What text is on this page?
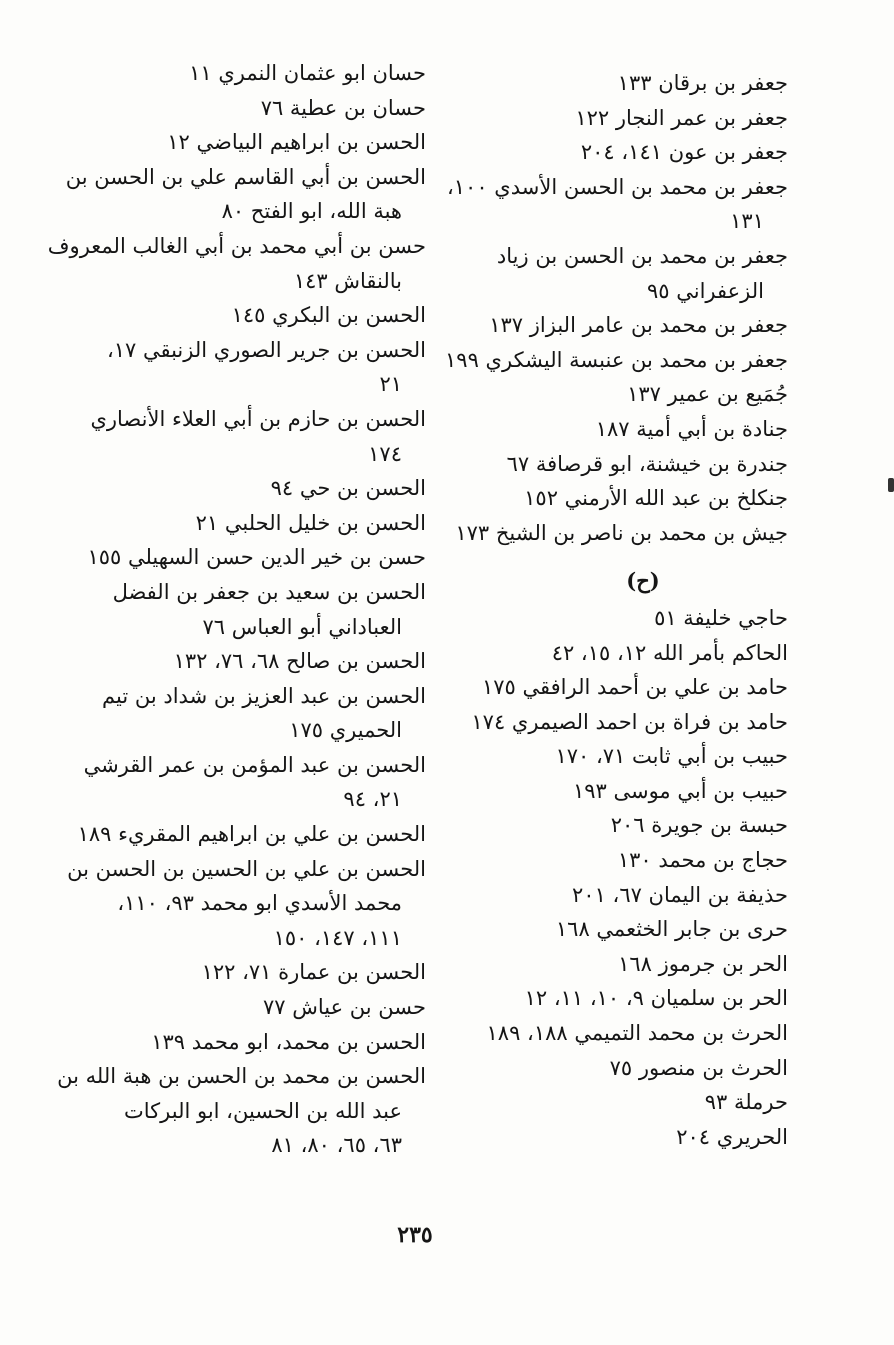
جعفر بن برقان ١٣٣
جعفر بن عمر النجار ١٢٢
جعفر بن عون ١٤١، ٢٠٤
جعفر بن محمد بن الحسن الأسدي ١٠٠،
١٣١
جعفر بن محمد بن الحسن بن زياد
الزعفراني ٩٥
جعفر بن محمد بن عامر البزاز ١٣٧
جعفر بن محمد بن عنبسة اليشكري ١٩٩
جُمَيع بن عمير ١٣٧
جنادة بن أبي أمية ١٨٧
جندرة بن خيشنة، ابو قرصافة ٦٧
جنكلخ بن عبد الله الأرمني ١٥٢
جيش بن محمد بن ناصر بن الشيخ ١٧٣
(ح)
حاجي خليفة ٥١
الحاكم بأمر الله ١٢، ١٥، ٤٢
حامد بن علي بن أحمد الرافقي ١٧٥
حامد بن فراة بن احمد الصيمري ١٧٤
حبيب بن أبي ثابت ٧١، ١٧٠
حبيب بن أبي موسى ١٩٣
حبسة بن جويرة ٢٠٦
حجاج بن محمد ١٣٠
حذيفة بن اليمان ٦٧، ٢٠١
حرى بن جابر الخثعمي ١٦٨
الحر بن جرموز ١٦٨
الحر بن سلميان ٩، ١٠، ١١، ١٢
الحرث بن محمد التميمي ١٨٨، ١٨٩
الحرث بن منصور ٧٥
حرملة ٩٣
الحريري ٢٠٤
حسان ابو عثمان النمري ١١
حسان بن عطية ٧٦
الحسن بن ابراهيم البياضي ١٢
الحسن بن أبي القاسم علي بن الحسن بن
هبة الله، ابو الفتح ٨٠
حسن بن أبي محمد بن أبي الغالب المعروف
بالنقاش ١٤٣
الحسن بن البكري ١٤٥
الحسن بن جرير الصوري الزنبقي ١٧،
٢١
الحسن بن حازم بن أبي العلاء الأنصاري
١٧٤
الحسن بن حي ٩٤
الحسن بن خليل الحلبي ٢١
حسن بن خير الدين حسن السهيلي ١٥٥
الحسن بن سعيد بن جعفر بن الفضل
العباداني أبو العباس ٧٦
الحسن بن صالح ٦٨، ٧٦، ١٣٢
الحسن بن عبد العزيز بن شداد بن تيم
الحميري ١٧٥
الحسن بن عبد المؤمن بن عمر القرشي
٢١، ٩٤
الحسن بن علي بن ابراهيم المقريء ١٨٩
الحسن بن علي بن الحسين بن الحسن بن
محمد الأسدي ابو محمد ٩٣، ١١٠،
١١١، ١٤٧، ١٥٠
الحسن بن عمارة ٧١، ١٢٢
حسن بن عياش ٧٧
الحسن بن محمد، ابو محمد ١٣٩
الحسن بن محمد بن الحسن بن هبة الله بن
عبد الله بن الحسين، ابو البركات
٦٣، ٦٥، ٨٠، ٨١
٢٣٥
